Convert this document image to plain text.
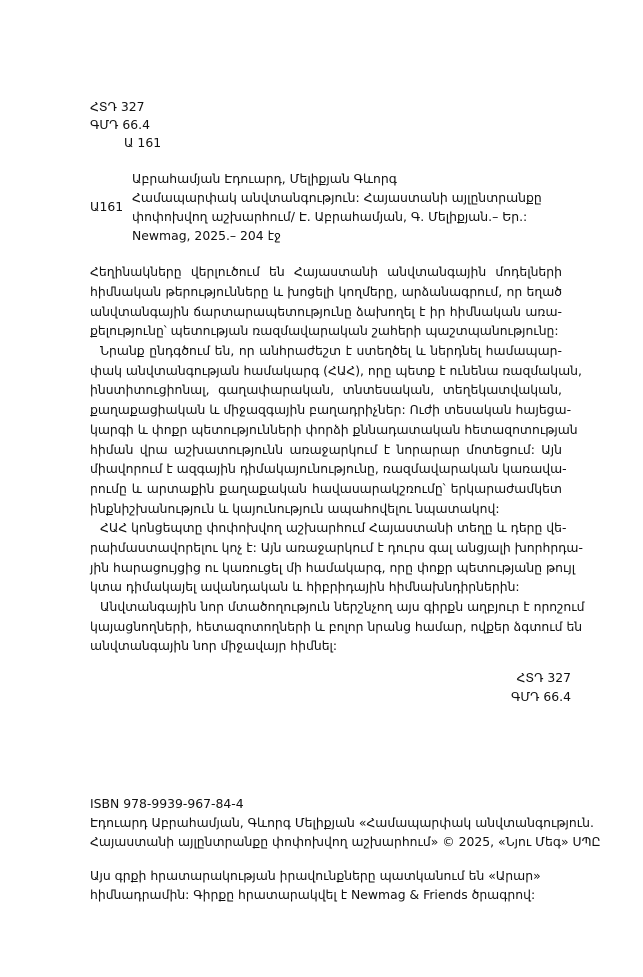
ՀՏԴ 327
ԳՄԴ 66.4
Ա 161
Ա161
Աբրահամյան Էդուարդ, Մելիքյան Գևորգ
Համապարփակ անվտանգություն: Հայաստանի այլընտրանքը
փոփոխվող աշխարհում/ Է. Աբրահամյան, Գ. Մելիքյան.– Եր.:
Newmag, 2025.– 204 էջ
Հեղինակները վերլուծում են Հայաստանի անվտանգային մոդելների
հիմնական թերությունները և խոցելի կողմերը, արձանագրում, որ եղած
անվտանգային ճարտարապետությունը ձախողել է իր հիմնական առա-
քելությունը՝ պետության ռազմավարական շահերի պաշտպանությունը:
Նրանք ընդգծում են, որ անհրաժեշտ է ստեղծել և ներդնել համապար-
փակ անվտանգության համակարգ (ՀԱՀ), որը պետք է ունենա ռազմական,
ինստիտուցիոնալ, գաղափարական, տնտեսական, տեղեկատվական,
քաղաքացիական և միջազգային բաղադրիչներ: Ուժի տեսական հայեցա-
կարգի և փոքր պետությունների փորձի քննադատական հետազոտության
հիման վրա աշխատությունն առաջարկում է նորարար մոտեցում: Այն
միավորում է ազգային դիմակայունությունը, ռազմավարական կառավա-
րումը և արտաքին քաղաքական հավասարակշռումը՝ երկարաժամկետ
ինքնիշխանություն և կայունություն ապահովելու նպատակով:
ՀԱՀ կոնցեպտը փոփոխվող աշխարհում Հայաստանի տեղը և դերը վե-
րաիմաստավորելու կոչ է: Այն առաջարկում է դուրս գալ անցյալի խորհրդա-
յին հարացույցից ու կառուցել մի համակարգ, որը փոքր պետությանը թույլ
կտա դիմակայել ավանդական և հիբրիդային հիմնախնդիրներին:
Անվտանգային նոր մտածողություն ներշնչող այս գիրքն աղբյուր է որոշում
կայացնողների, հետազոտողների և բոլոր նրանց համար, ովքեր ձգտում են
անվտանգային նոր միջավայր հիմնել:
ՀՏԴ 327
ԳՄԴ 66.4
ISBN 978-9939-967-84-4
Էդուարդ Աբրահամյան, Գևորգ Մելիքյան «Համապարփակ անվտանգություն.
Հայաստանի այլընտրանքը փոփոխվող աշխարհում» © 2025, «Նյու Մեգ» ՍՊԸ
Այս գրքի հրատարակության իրավունքները պատկանում են «Արար»
հիմնադրամին: Գիրքը հրատարակվել է Newmag & Friends ծրագրով:
